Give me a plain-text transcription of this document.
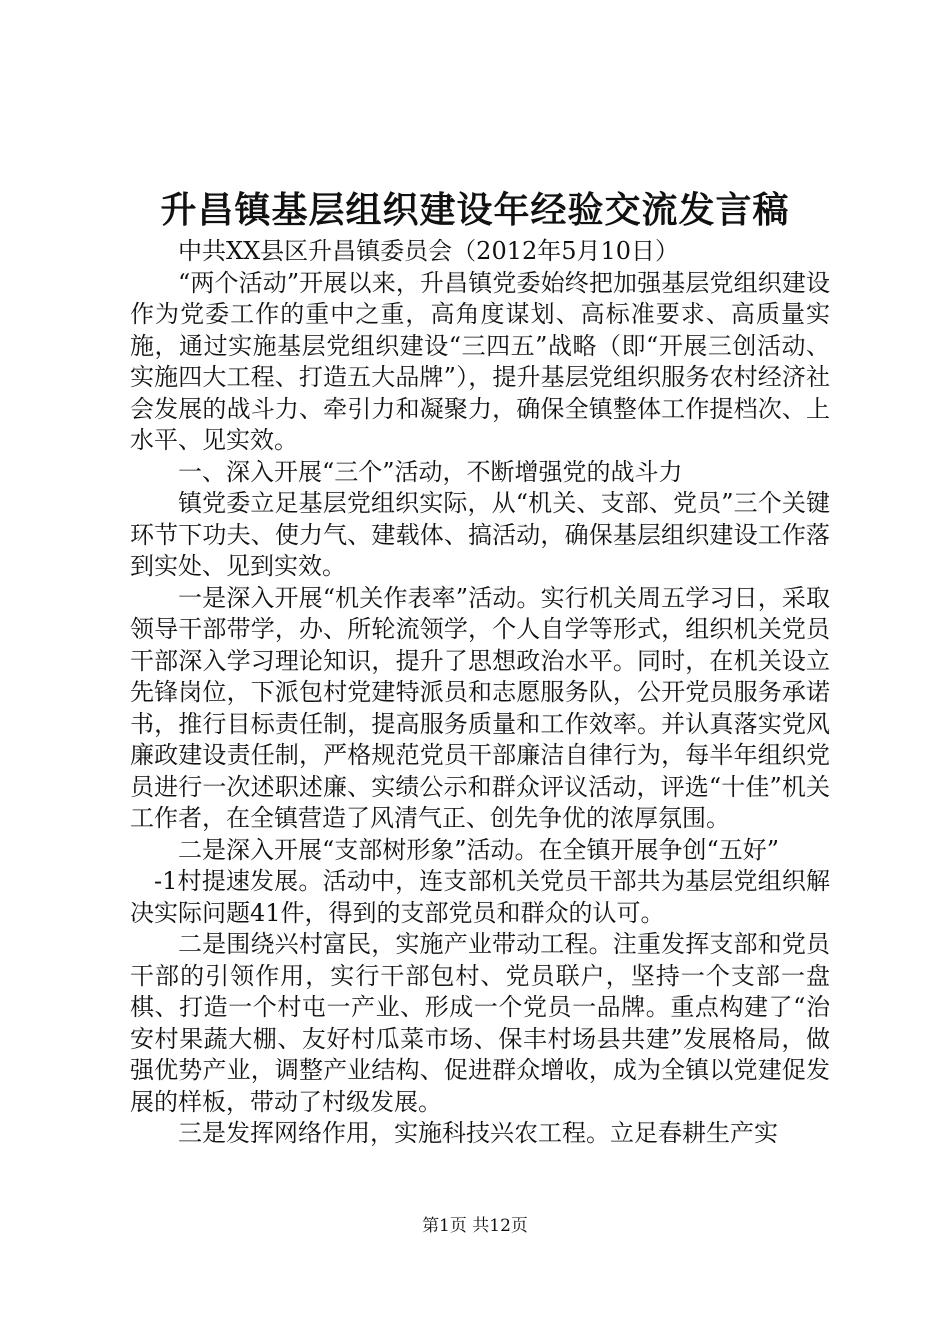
升昌镇基层组织建设年经验交流发言稿

中共XX县区升昌镇委员会（2012年5月10日）

“两个活动”开展以来，升昌镇党委始终把加强基层党组织建设作为党委工作的重中之重，高角度谋划、高标准要求、高质量实施，通过实施基层党组织建设“三四五”战略（即“开展三创活动、实施四大工程、打造五大品牌”），提升基层党组织服务农村经济社会发展的战斗力、牵引力和凝聚力，确保全镇整体工作提档次、上水平、见实效。

一、深入开展“三个”活动，不断增强党的战斗力

镇党委立足基层党组织实际，从“机关、支部、党员”三个关键环节下功夫、使力气、建载体、搞活动，确保基层组织建设工作落到实处、见到实效。

一是深入开展“机关作表率”活动。实行机关周五学习日，采取领导干部带学，办、所轮流领学，个人自学等形式，组织机关党员干部深入学习理论知识，提升了思想政治水平。同时，在机关设立先锋岗位，下派包村党建特派员和志愿服务队，公开党员服务承诺书，推行目标责任制，提高服务质量和工作效率。并认真落实党风廉政建设责任制，严格规范党员干部廉洁自律行为，每半年组织党员进行一次述职述廉、实绩公示和群众评议活动，评选“十佳”机关工作者，在全镇营造了风清气正、创先争优的浓厚氛围。

二是深入开展“支部树形象”活动。在全镇开展争创“五好”

-1村提速发展。活动中，连支部机关党员干部共为基层党组织解决实际问题41件，得到的支部党员和群众的认可。

二是围绕兴村富民，实施产业带动工程。注重发挥支部和党员干部的引领作用，实行干部包村、党员联户，坚持一个支部一盘棋、打造一个村屯一产业、形成一个党员一品牌。重点构建了“治安村果蔬大棚、友好村瓜菜市场、保丰村场县共建”发展格局，做强优势产业，调整产业结构、促进群众增收，成为全镇以党建促发展的样板，带动了村级发展。

三是发挥网络作用，实施科技兴农工程。立足春耕生产实

第1页 共12页
